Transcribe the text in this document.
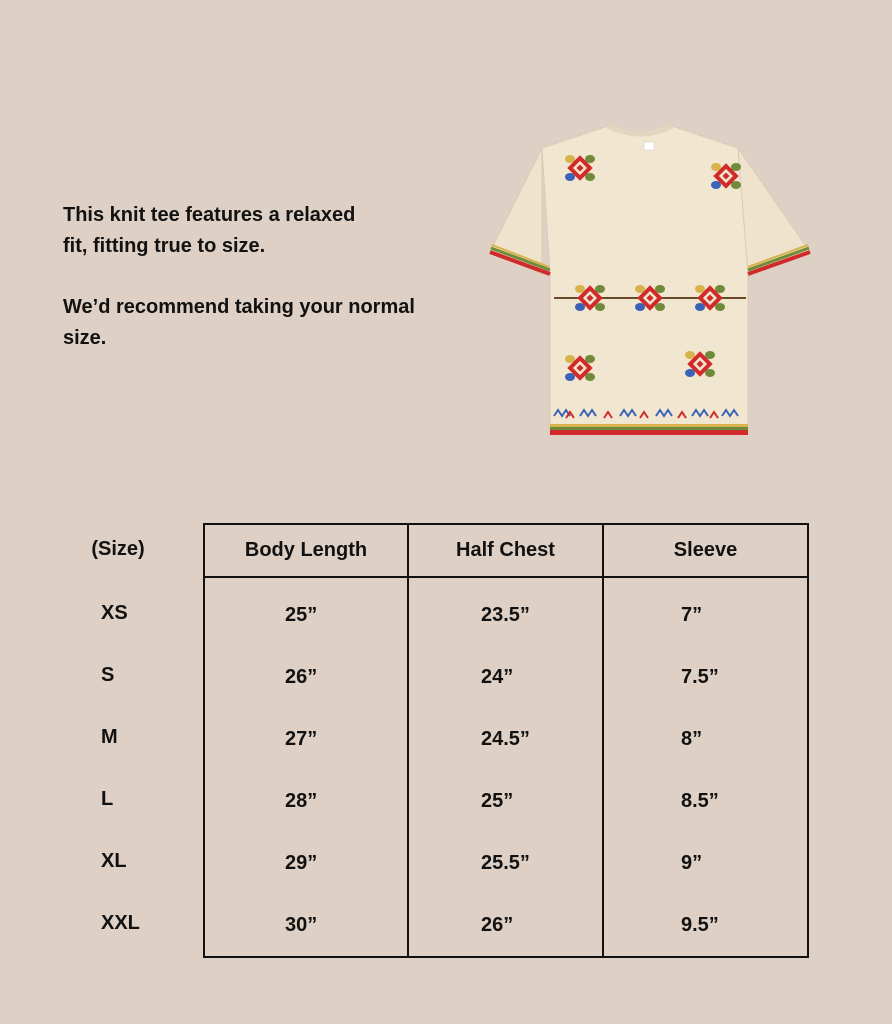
This knit tee features a relaxed
fit, fitting true to size.

We’d recommend taking your normal
size.

(Size)
XS
S
M
L
XL
XXL
Body Length	Half Chest	Sleeve
25”
26”
27”
28”
29”
30”
23.5”
24”
24.5”
25”
25.5”
26”
7”
7.5”
8”
8.5”
9”
9.5”
